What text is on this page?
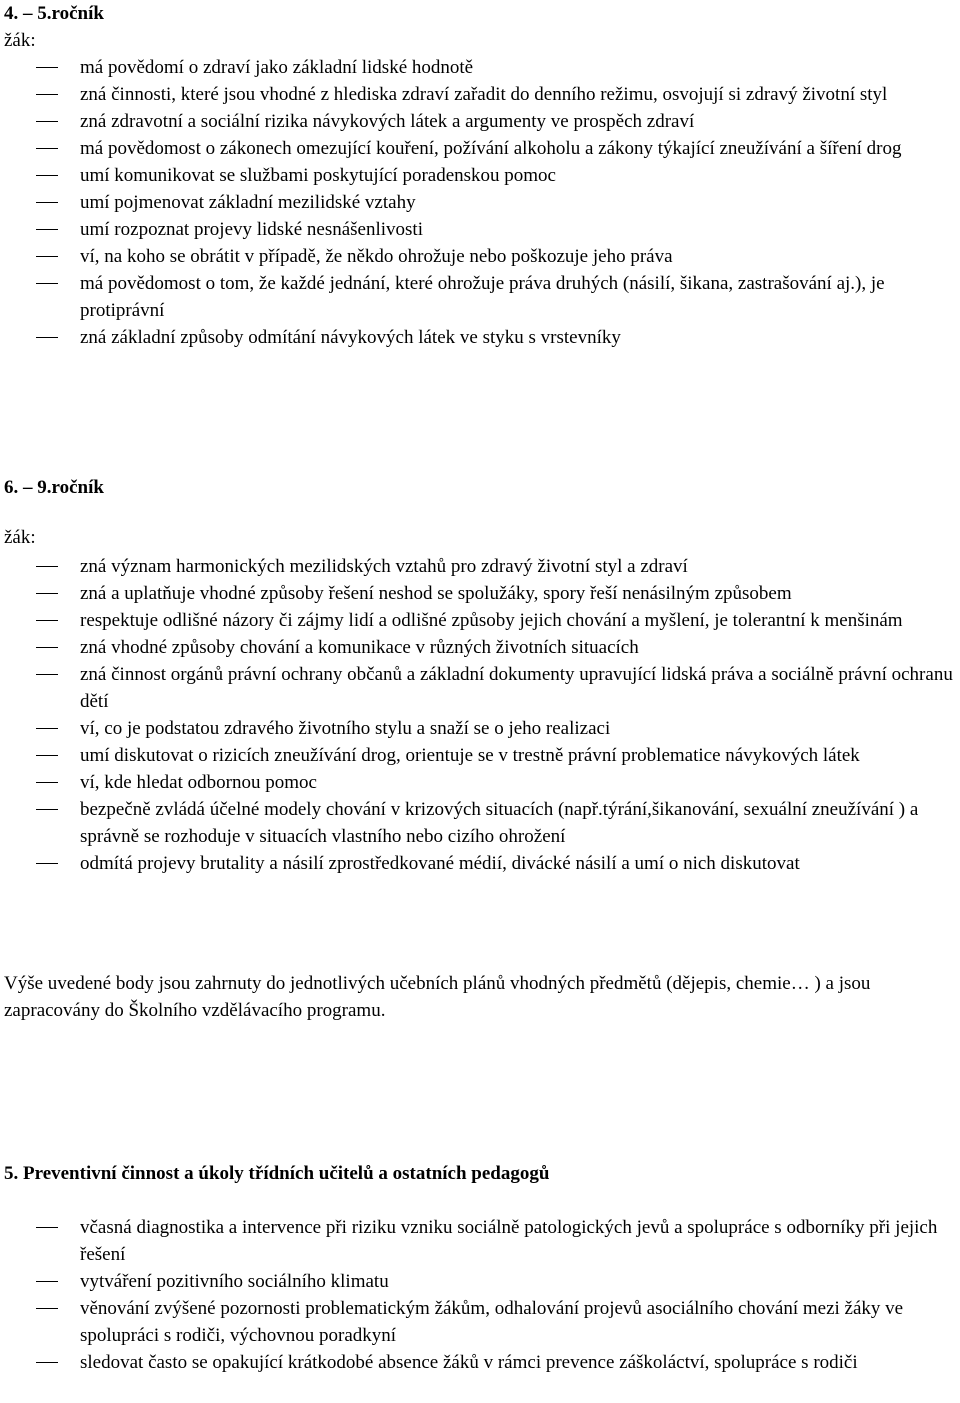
4. – 5.ročník
žák:
má povědomí o zdraví jako základní lidské hodnotě
zná činnosti, které jsou vhodné z hlediska zdraví zařadit do denního režimu, osvojují si zdravý životní styl
zná zdravotní a sociální rizika návykových látek a argumenty ve prospěch zdraví
má povědomost o zákonech omezující kouření, požívání alkoholu a zákony týkající zneužívání a šíření drog
umí komunikovat se službami poskytující poradenskou pomoc
umí pojmenovat základní mezilidské vztahy
umí rozpoznat projevy lidské nesnášenlivosti
ví, na koho se obrátit v případě, že někdo ohrožuje nebo poškozuje jeho práva
má povědomost o tom, že každé jednání, které ohrožuje práva druhých (násilí, šikana, zastrašování aj.), je protiprávní
zná základní způsoby odmítání návykových látek ve styku s vrstevníky
6. – 9.ročník
žák:
zná význam harmonických mezilidských vztahů pro zdravý životní styl a zdraví
zná a uplatňuje vhodné způsoby řešení neshod se spolužáky, spory řeší nenásilným způsobem
respektuje odlišné názory či zájmy lidí a odlišné způsoby jejich chování a myšlení, je tolerantní k menšinám
zná vhodné způsoby chování a komunikace v různých životních situacích
zná činnost orgánů právní ochrany občanů a základní dokumenty upravující lidská práva a sociálně právní ochranu dětí
ví, co je podstatou zdravého životního stylu a snaží se o jeho realizaci
umí diskutovat o rizicích zneužívání drog, orientuje se v trestně právní problematice návykových látek
ví, kde hledat odbornou pomoc
bezpečně zvládá účelné modely chování v krizových situacích (např.týrání,šikanování, sexuální zneužívání ) a správně se rozhoduje v situacích vlastního nebo cizího ohrožení
odmítá projevy brutality a násilí zprostředkované médií, divácké násilí a umí o nich diskutovat
Výše uvedené body jsou zahrnuty do jednotlivých učebních plánů vhodných předmětů (dějepis, chemie… ) a jsou zapracovány do Školního vzdělávacího programu.
5. Preventivní činnost a úkoly třídních učitelů a ostatních pedagogů
včasná diagnostika a intervence při riziku vzniku sociálně patologických jevů a spolupráce s odborníky při jejich řešení
vytváření pozitivního sociálního klimatu
věnování zvýšené pozornosti problematickým žákům, odhalování projevů asociálního chování mezi žáky ve spolupráci s rodiči, výchovnou poradkyní
sledovat často se opakující krátkodobé absence žáků v rámci prevence záškoláctví, spolupráce s rodiči
